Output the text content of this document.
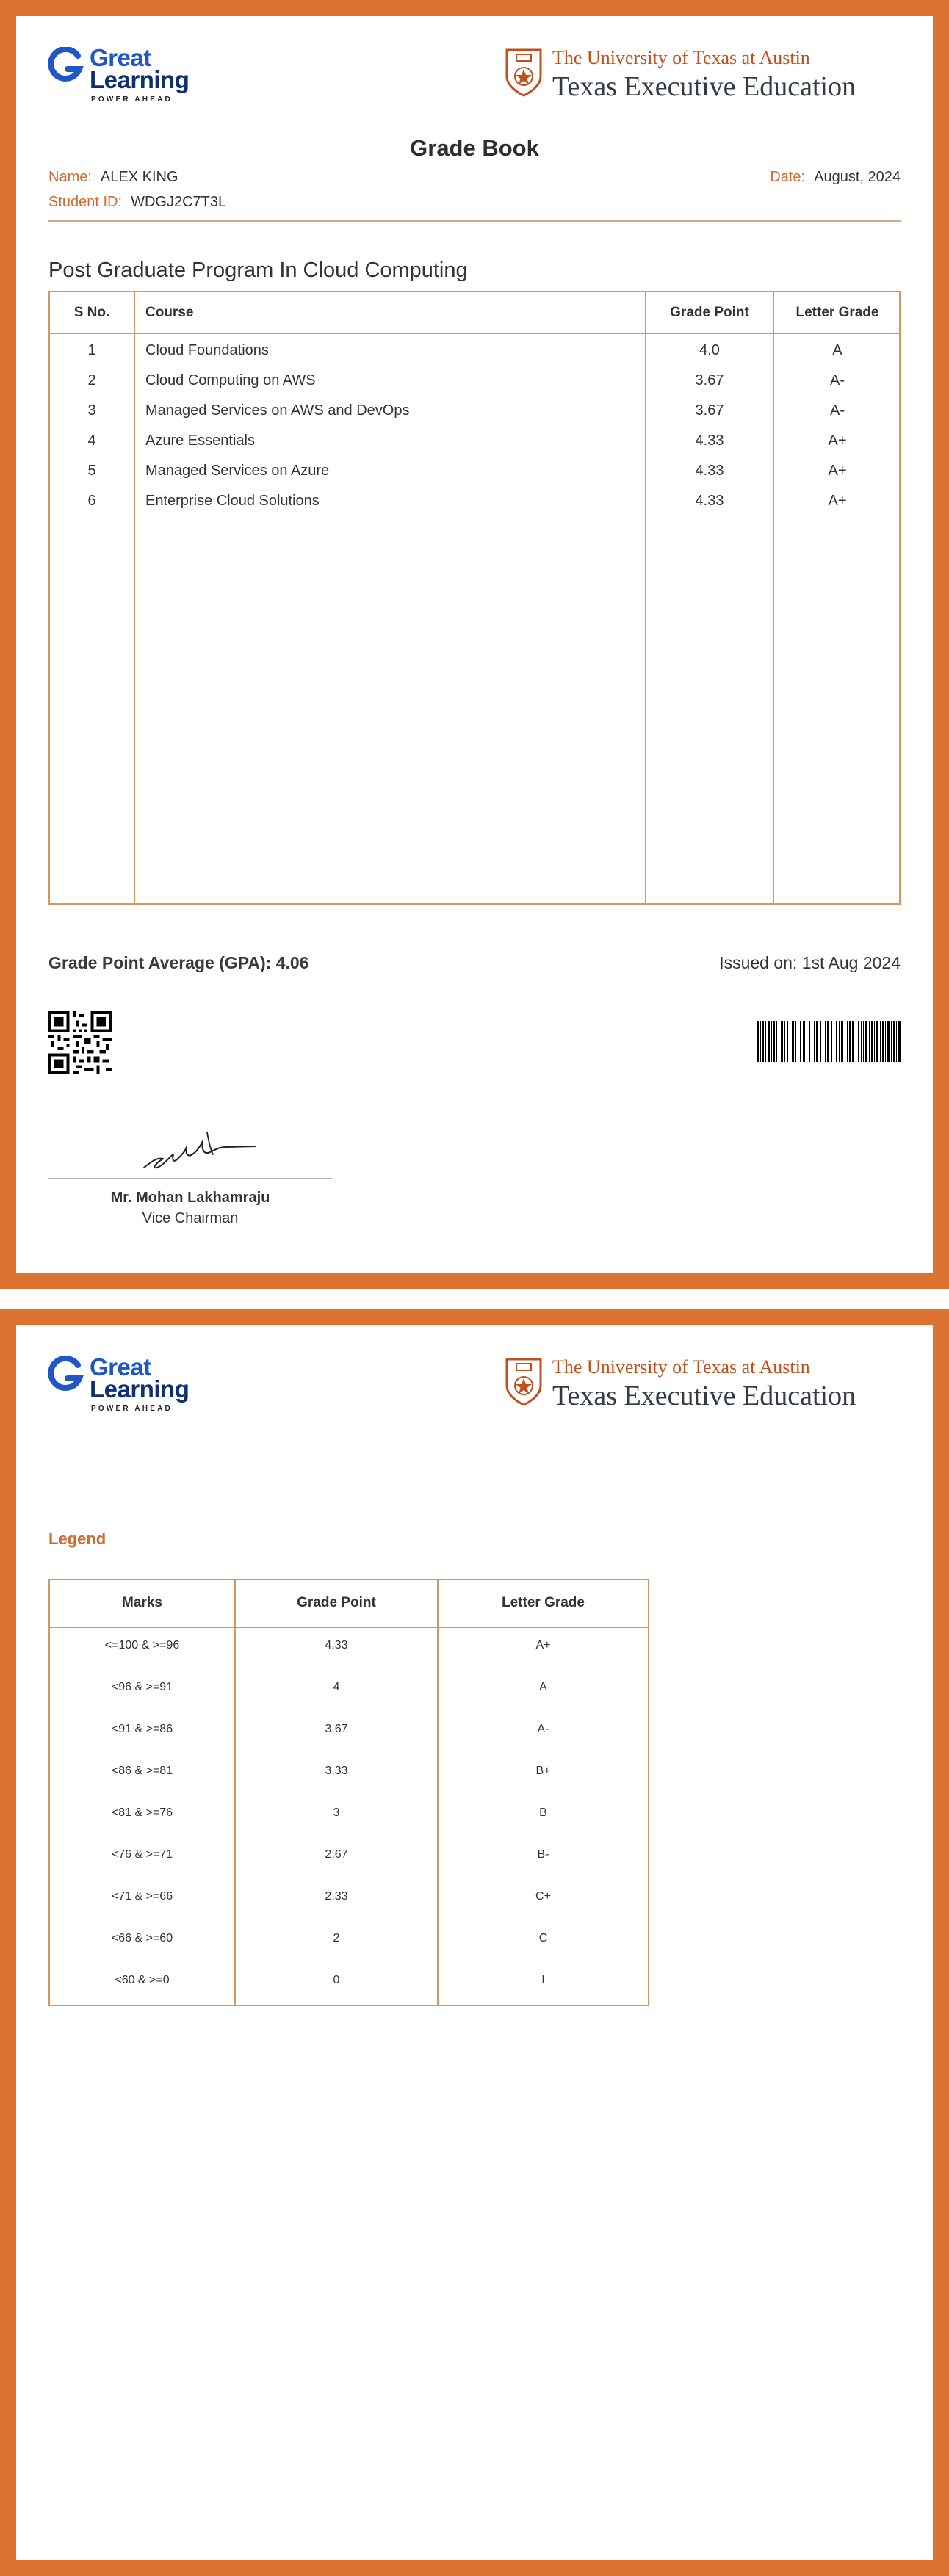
Great
Learning
POWER AHEAD
The University of Texas at Austin
Texas Executive Education
Grade Book
Name: ALEX KING
Student ID: WDGJ2C7T3L
Date: August, 2024
Post Graduate Program In Cloud Computing
S No.	Course	Grade Point	Letter Grade
1	Cloud Foundations	4.0	A
2	Cloud Computing on AWS	3.67	A-
3	Managed Services on AWS and DevOps	3.67	A-
4	Azure Essentials	4.33	A+
5	Managed Services on Azure	4.33	A+
6	Enterprise Cloud Solutions	4.33	A+
Grade Point Average (GPA): 4.06	Issued on: 1st Aug 2024
Mr. Mohan Lakhamraju
Vice Chairman
Great
Learning
POWER AHEAD
The University of Texas at Austin
Texas Executive Education
Legend
Marks	Grade Point	Letter Grade
<=100 & >=96	4.33	A+
<96 & >=91	4	A
<91 & >=86	3.67	A-
<86 & >=81	3.33	B+
<81 & >=76	3	B
<76 & >=71	2.67	B-
<71 & >=66	2.33	C+
<66 & >=60	2	C
<60 & >=0	0	I
